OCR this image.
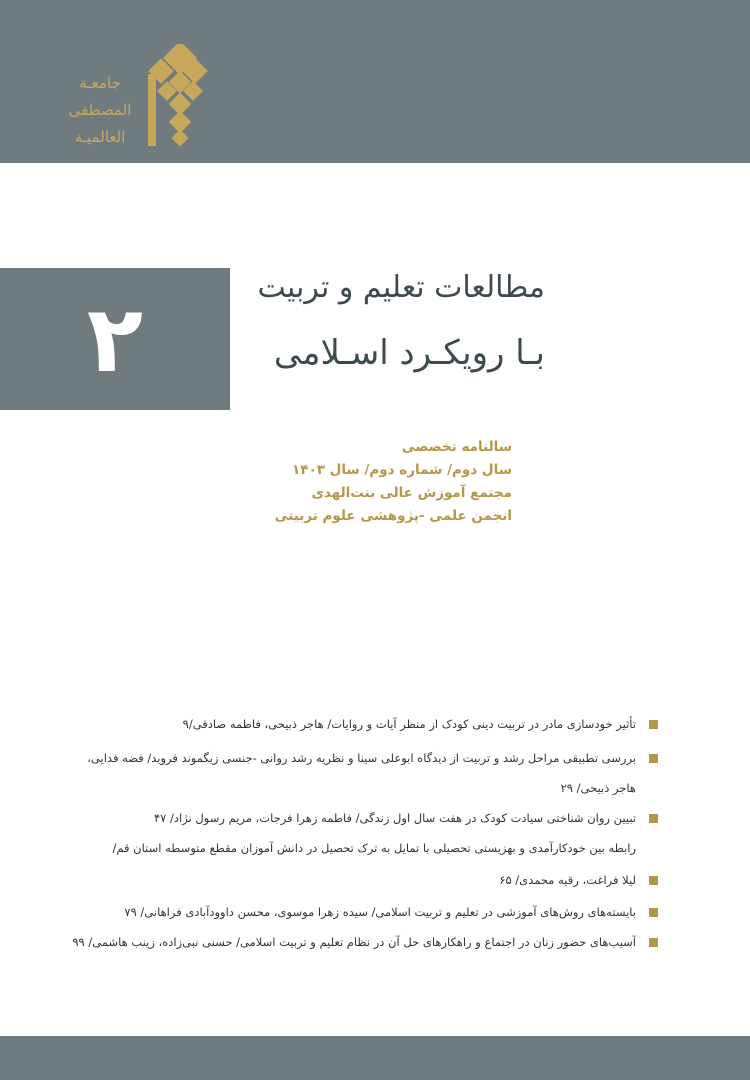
جامعـة
المصطفى
العالميـة
۲	مطالعات تعلیم و تربیت
بـا رویکـرد اسـلامی
سالنامه تخصصی
سال دوم/ شماره دوم/ سال ۱۴۰۳
مجتمع آموزش عالی بنت‌الهدی
انجمن علمی -پژوهشی علوم تربیتی
تأثیر خودسازی مادر در تربیت دینی کودک از منظر آیات و روایات/ هاجر ذبیحی، فاطمه صادقی/۹
بررسی تطبیقی مراحل رشد و تربیت از دیدگاه ابوعلی سینا و نظریه رشد روانی -جنسی زیگموند فروید/ فضه فدایی،
هاجر ذبیحی/ ۲۹
تبیین روان شناختی سیادت کودک در هفت سال اول زندگی/ فاطمه زهرا فرجات، مریم رسول نژاد/ ۴۷
رابطه بین خودکارآمدی و بهزیستی تحصیلی با تمایل به ترک تحصیل در دانش آموزان مقطع متوسطه استان قم/
لیلا فراغت، رقیه محمدی/ ۶۵
بایسته‌های روش‌های آموزشی در تعلیم و تربیت اسلامی/ سیده زهرا موسوی، محسن داوودآبادی فراهانی/ ۷۹
آسیب‌های حضور زنان در اجتماع و راهکارهای حل آن در نظام تعلیم و تربیت اسلامی/ حسنی نبی‌زاده، زینب هاشمی/ ۹۹
